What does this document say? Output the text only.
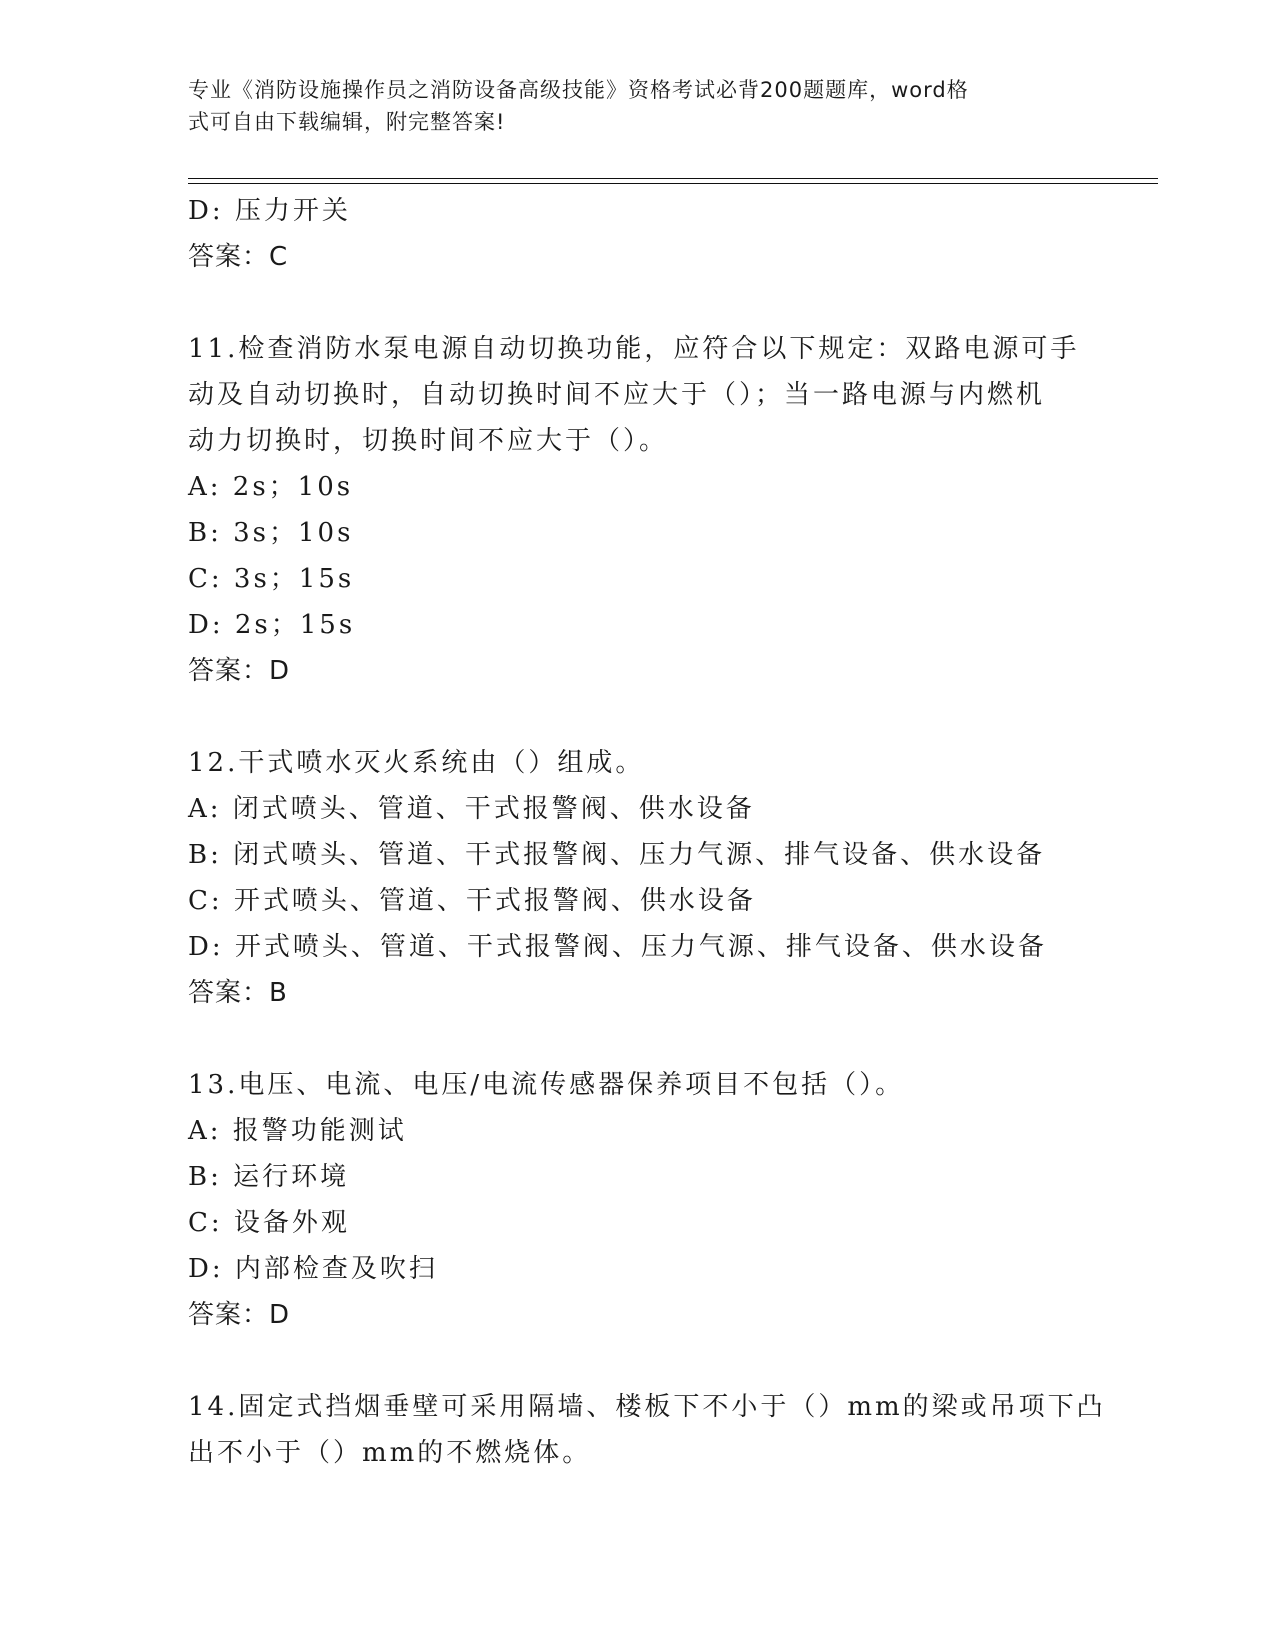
专业《消防设施操作员之消防设备高级技能》资格考试必背200题题库，word格
式可自由下载编辑，附完整答案!
D: 压力开关
答案：C
11.检查消防水泵电源自动切换功能，应符合以下规定：双路电源可手
动及自动切换时，自动切换时间不应大于（）；当一路电源与内燃机
动力切换时，切换时间不应大于（）。
A: 2s；10s
B: 3s；10s
C: 3s；15s
D: 2s；15s
答案：D
12.干式喷水灭火系统由（）组成。
A: 闭式喷头、管道、干式报警阀、供水设备
B: 闭式喷头、管道、干式报警阀、压力气源、排气设备、供水设备
C: 开式喷头、管道、干式报警阀、供水设备
D: 开式喷头、管道、干式报警阀、压力气源、排气设备、供水设备
答案：B
13.电压、电流、电压/电流传感器保养项目不包括（）。
A: 报警功能测试
B: 运行环境
C: 设备外观
D: 内部检查及吹扫
答案：D
14.固定式挡烟垂壁可采用隔墙、楼板下不小于（）mm的梁或吊项下凸
出不小于（）mm的不燃烧体。
